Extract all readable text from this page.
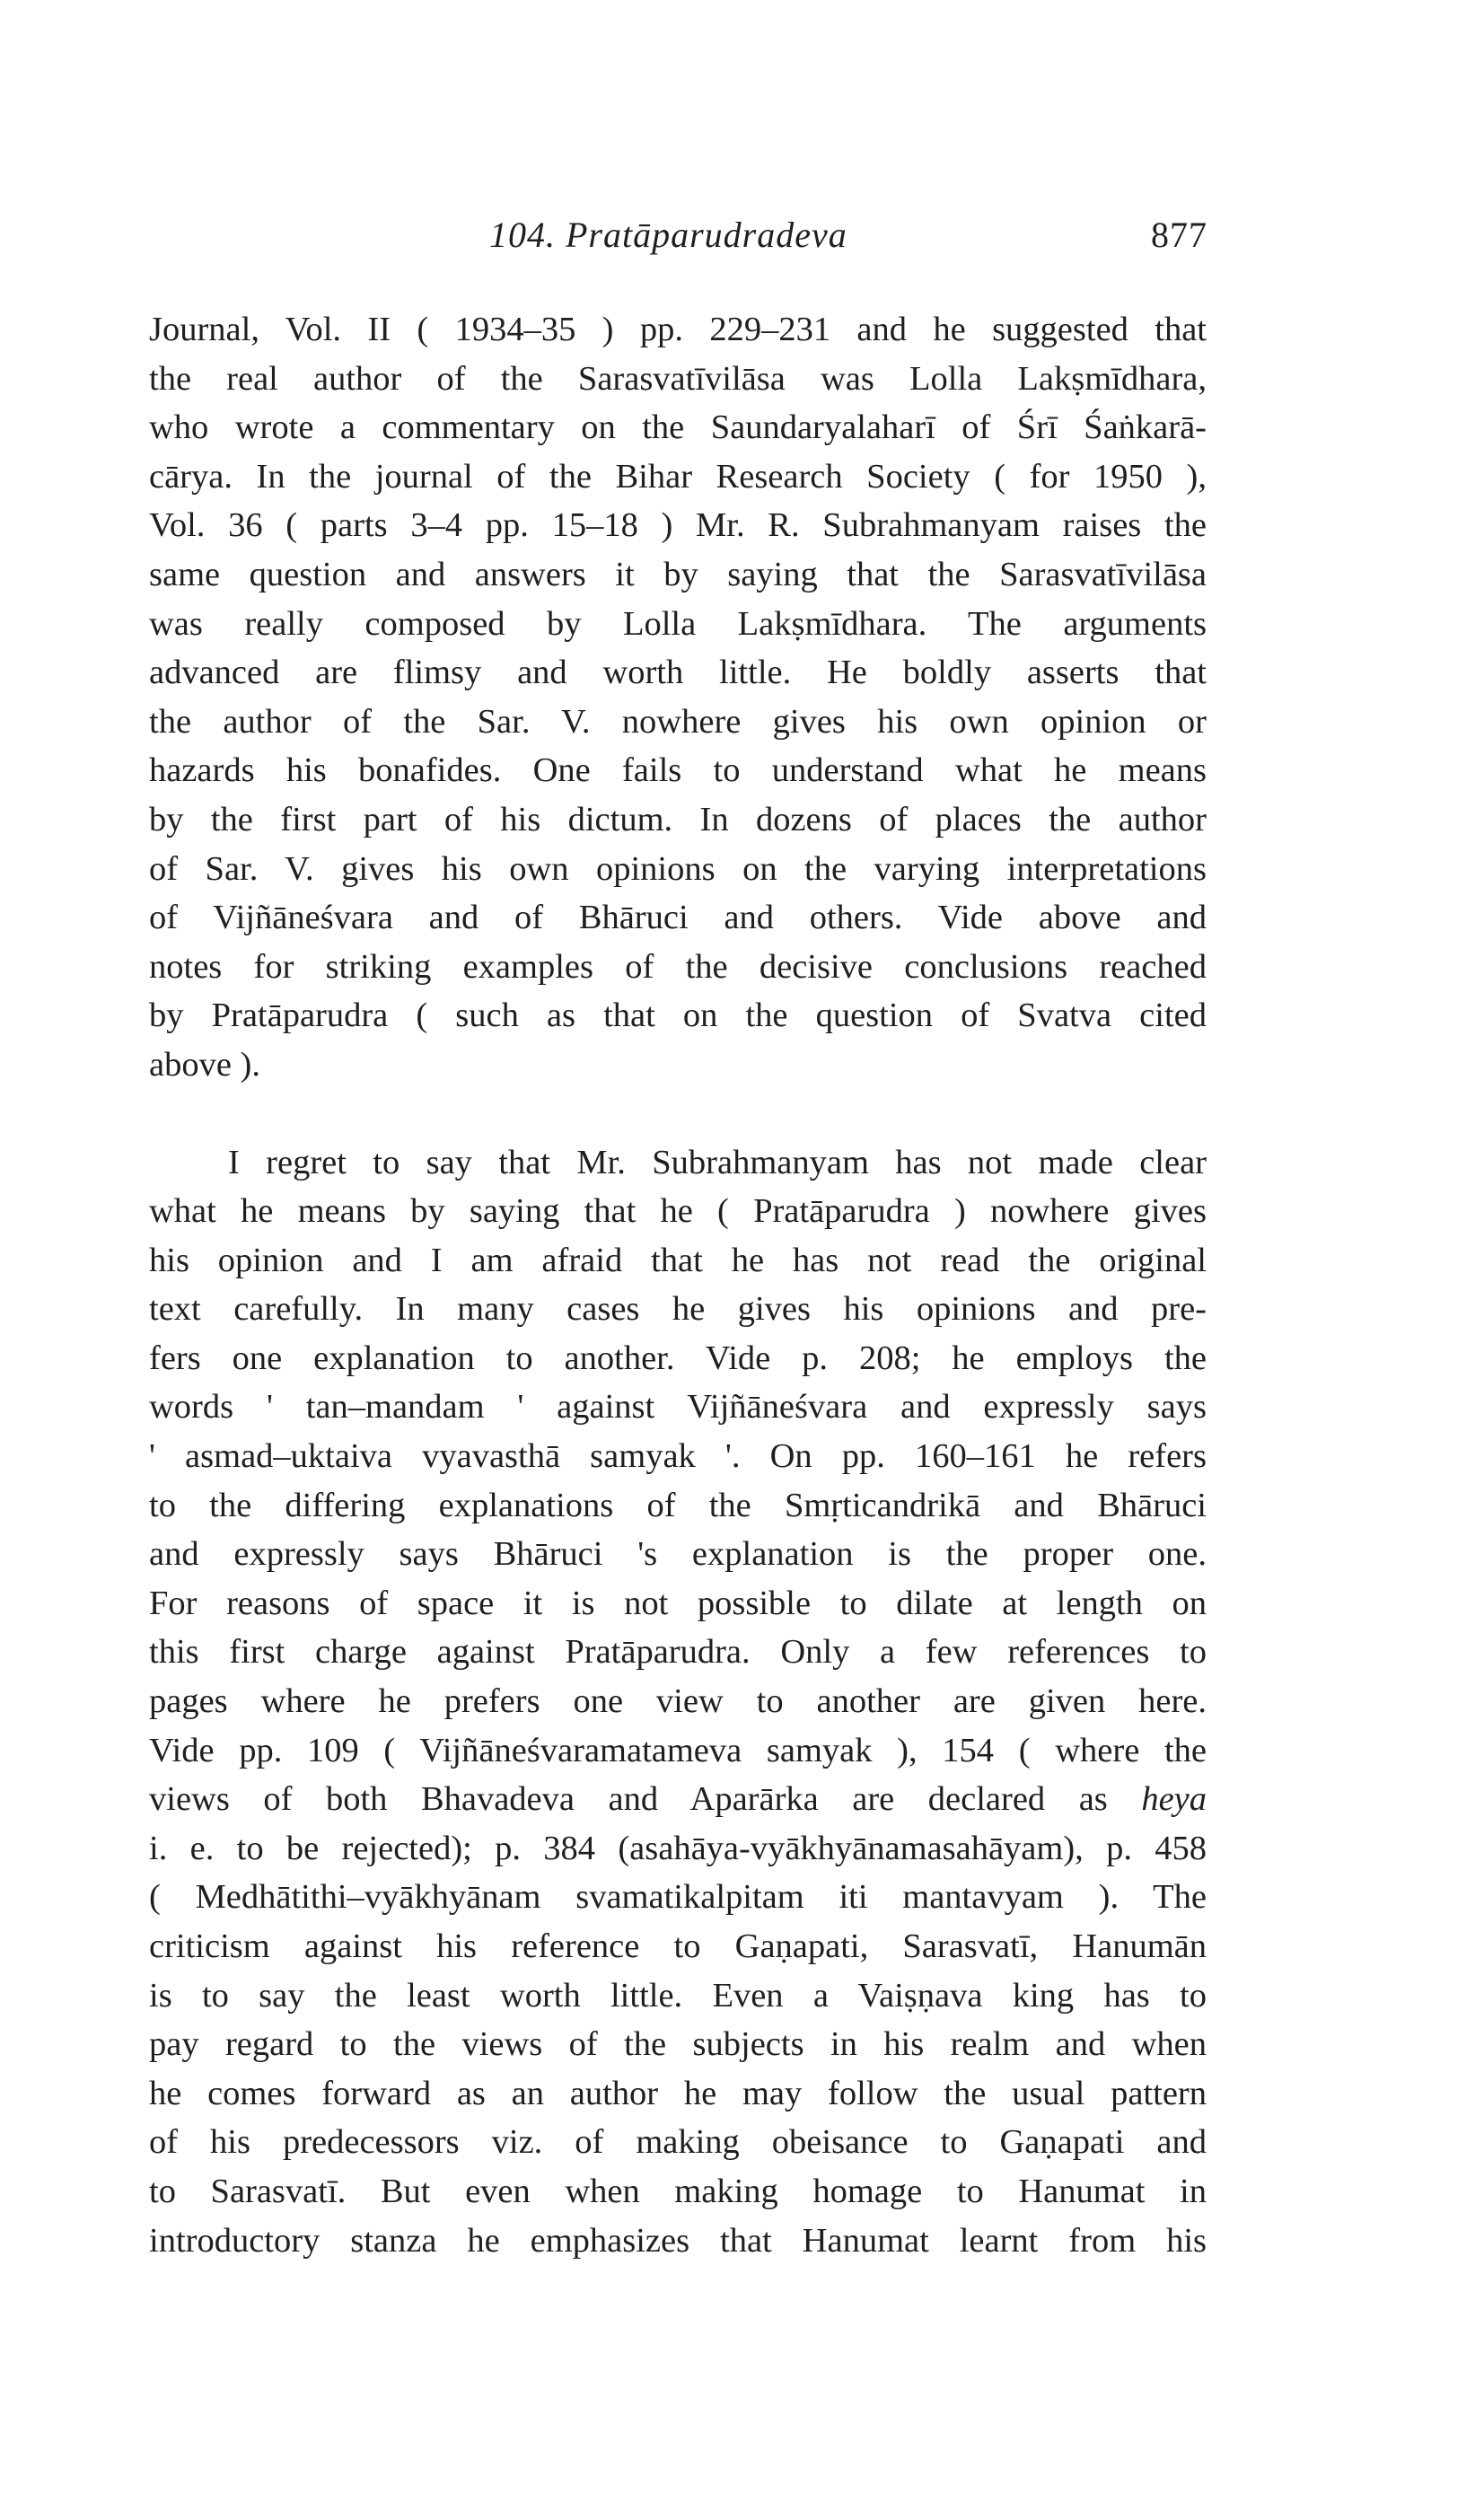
104. Pratāparudradeva	877
Journal, Vol. II ( 1934–35 ) pp. 229–231 and he suggested that
the real author of the Sarasvatīvilāsa was Lolla Lakṣmīdhara,
who wrote a commentary on the Saundaryalaharī of Śrī Śaṅkarā-
cārya. In the journal of the Bihar Research Society ( for 1950 ),
Vol. 36 ( parts 3–4 pp. 15–18 ) Mr. R. Subrahmanyam raises the
same question and answers it by saying that the Sarasvatīvilāsa
was really composed by Lolla Lakṣmīdhara. The arguments
advanced are flimsy and worth little. He boldly asserts that
the author of the Sar. V. nowhere gives his own opinion or
hazards his bonafides. One fails to understand what he means
by the first part of his dictum. In dozens of places the author
of Sar. V. gives his own opinions on the varying interpretations
of Vijñāneśvara and of Bhāruci and others. Vide above and
notes for striking examples of the decisive conclusions reached
by Pratāparudra ( such as that on the question of Svatva cited
above ).
I regret to say that Mr. Subrahmanyam has not made clear
what he means by saying that he ( Pratāparudra ) nowhere gives
his opinion and I am afraid that he has not read the original
text carefully. In many cases he gives his opinions and pre-
fers one explanation to another. Vide p. 208; he employs the
words ' tan–mandam ' against Vijñāneśvara and expressly says
' asmad–uktaiva vyavasthā samyak '. On pp. 160–161 he refers
to the differing explanations of the Smṛticandrikā and Bhāruci
and expressly says Bhāruci 's explanation is the proper one.
For reasons of space it is not possible to dilate at length on
this first charge against Pratāparudra. Only a few references to
pages where he prefers one view to another are given here.
Vide pp. 109 ( Vijñāneśvaramatameva samyak ), 154 ( where the
views of both Bhavadeva and Aparārka are declared as heya
i. e. to be rejected); p. 384 (asahāya-vyākhyānamasahāyam), p. 458
( Medhātithi–vyākhyānam svamatikalpitam iti mantavyam ). The
criticism against his reference to Gaṇapati, Sarasvatī, Hanumān
is to say the least worth little. Even a Vaiṣṇava king has to
pay regard to the views of the subjects in his realm and when
he comes forward as an author he may follow the usual pattern
of his predecessors viz. of making obeisance to Gaṇapati and
to Sarasvatī. But even when making homage to Hanumat in
introductory stanza he emphasizes that Hanumat learnt from his
